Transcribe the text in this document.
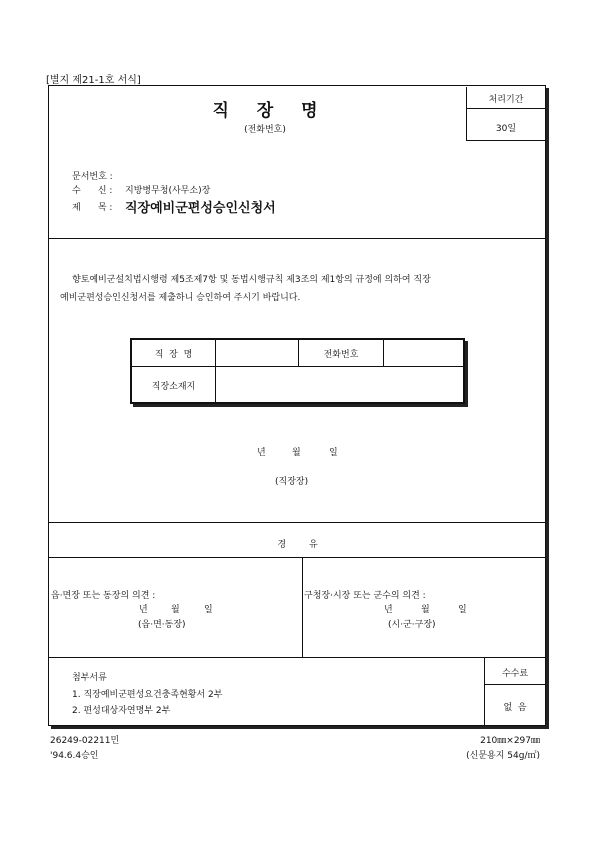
[별지 제21-1호 서식]
처리기간
30일
직 장 명
(전화번호)
문서번호 :
수      신 : 지방병무청(사무소)장
제      목 : 직장예비군편성승인신청서
향토예비군설치법시행령 제5조제7항 및 동법시행규칙 제3조의 제1항의 규정에 의하여 직장
예비군편성승인신청서를 제출하니 승인하여 주시기 바랍니다.
직  장  명	전화번호
직장소재지
년	월	일
(직장장)
경        유
읍·면장 또는 동장의 의견 :
년	월	일
(읍·면·동장)
구청장·시장 또는 군수의 의견 :
년	월	일
(시·군·구장)
첨부서류
1. 직장예비군편성요건충족현황서 2부
2. 편성대상자연명부 2부
수수료
없  음
26249-02211민
'94.6.4승인
210㎜×297㎜
(신문용지 54g/㎡)
